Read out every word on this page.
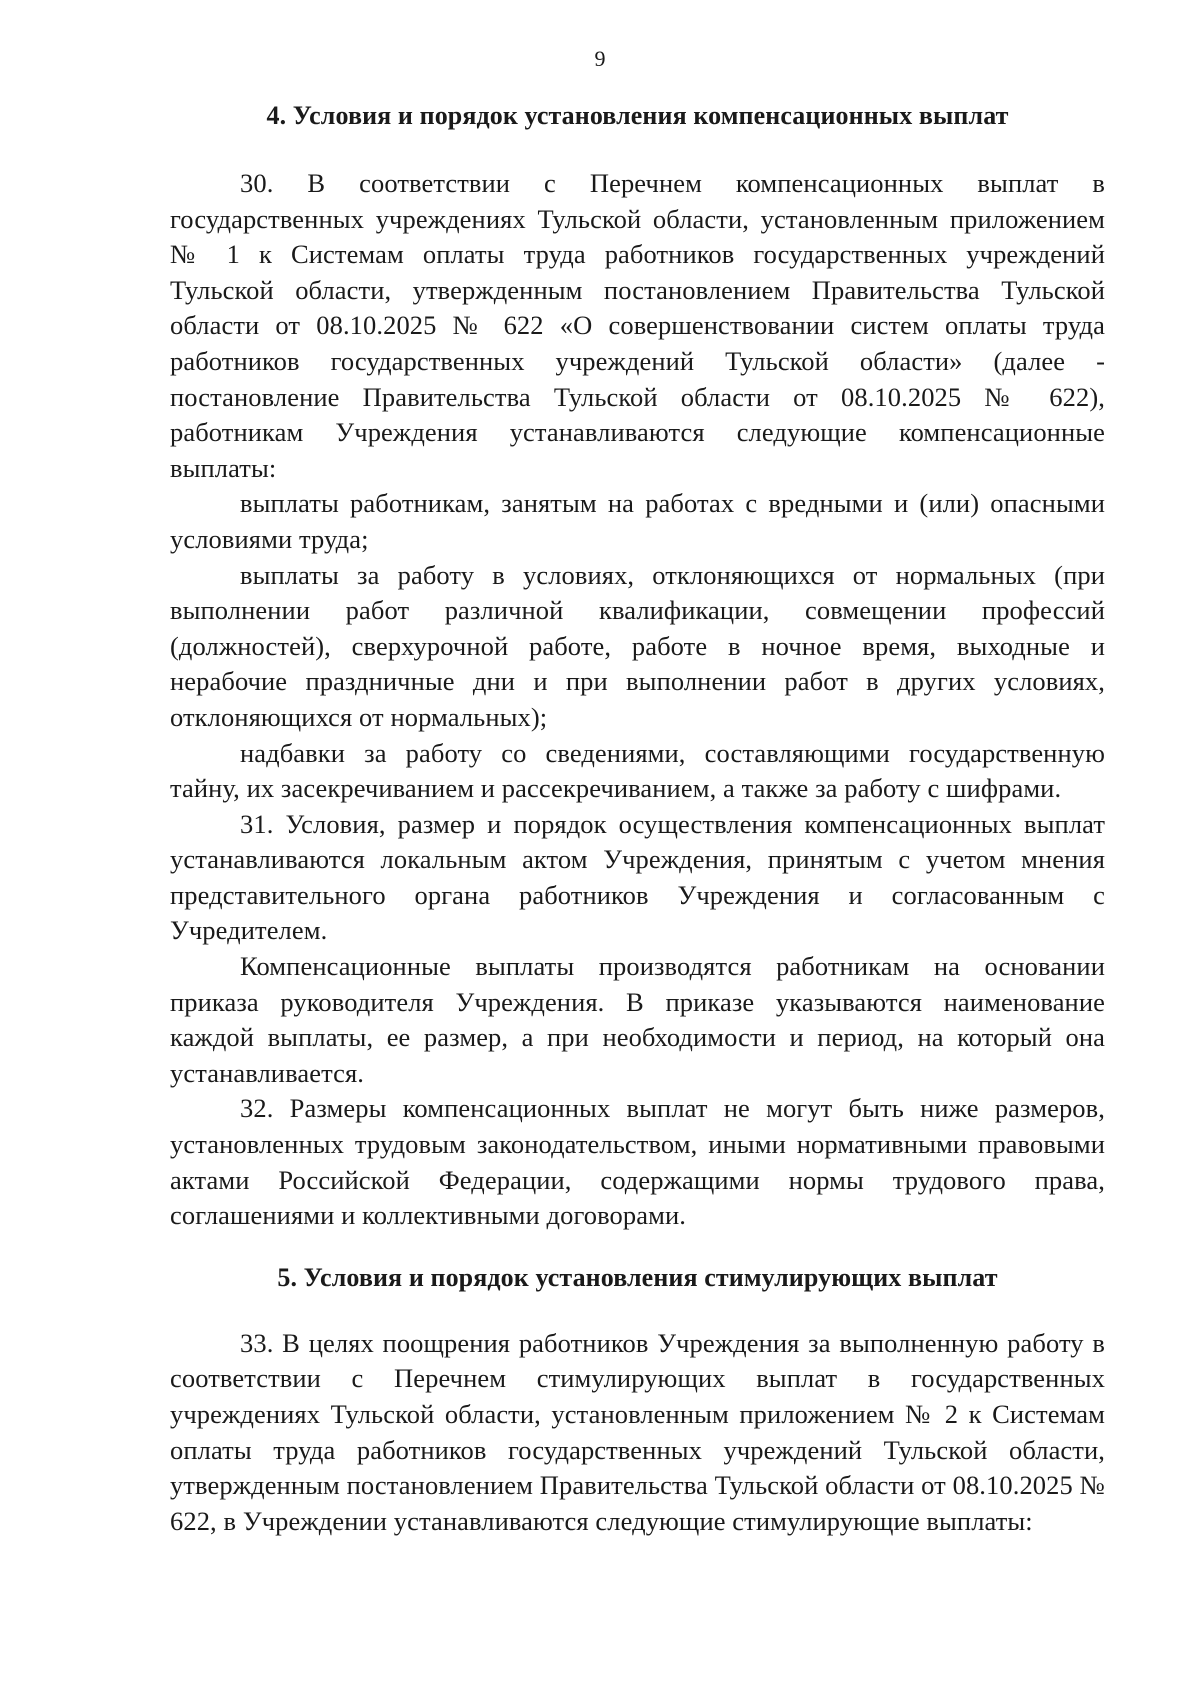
9
4. Условия и порядок установления компенсационных выплат

30. В соответствии с Перечнем компенсационных выплат в государственных учреждениях Тульской области, установленным приложением № 1 к Системам оплаты труда работников государственных учреждений Тульской области, утвержденным постановлением Правительства Тульской области от 08.10.2025 № 622 «О совершенствовании систем оплаты труда работников государственных учреждений Тульской области» (далее - постановление Правительства Тульской области от 08.10.2025 № 622), работникам Учреждения устанавливаются следующие компенсационные выплаты:

выплаты работникам, занятым на работах с вредными и (или) опасными условиями труда;

выплаты за работу в условиях, отклоняющихся от нормальных (при выполнении работ различной квалификации, совмещении профессий (должностей), сверхурочной работе, работе в ночное время, выходные и нерабочие праздничные дни и при выполнении работ в других условиях, отклоняющихся от нормальных);

надбавки за работу со сведениями, составляющими государственную тайну, их засекречиванием и рассекречиванием, а также за работу с шифрами.

31. Условия, размер и порядок осуществления компенсационных выплат устанавливаются локальным актом Учреждения, принятым с учетом мнения представительного органа работников Учреждения и согласованным с Учредителем.

Компенсационные выплаты производятся работникам на основании приказа руководителя Учреждения. В приказе указываются наименование каждой выплаты, ее размер, а при необходимости и период, на который она устанавливается.

32. Размеры компенсационных выплат не могут быть ниже размеров, установленных трудовым законодательством, иными нормативными правовыми актами Российской Федерации, содержащими нормы трудового права, соглашениями и коллективными договорами.

5. Условия и порядок установления стимулирующих выплат

33. В целях поощрения работников Учреждения за выполненную работу в соответствии с Перечнем стимулирующих выплат в государственных учреждениях Тульской области, установленным приложением № 2 к Системам оплаты труда работников государственных учреждений Тульской области, утвержденным постановлением Правительства Тульской области от 08.10.2025 № 622, в Учреждении устанавливаются следующие стимулирующие выплаты:
